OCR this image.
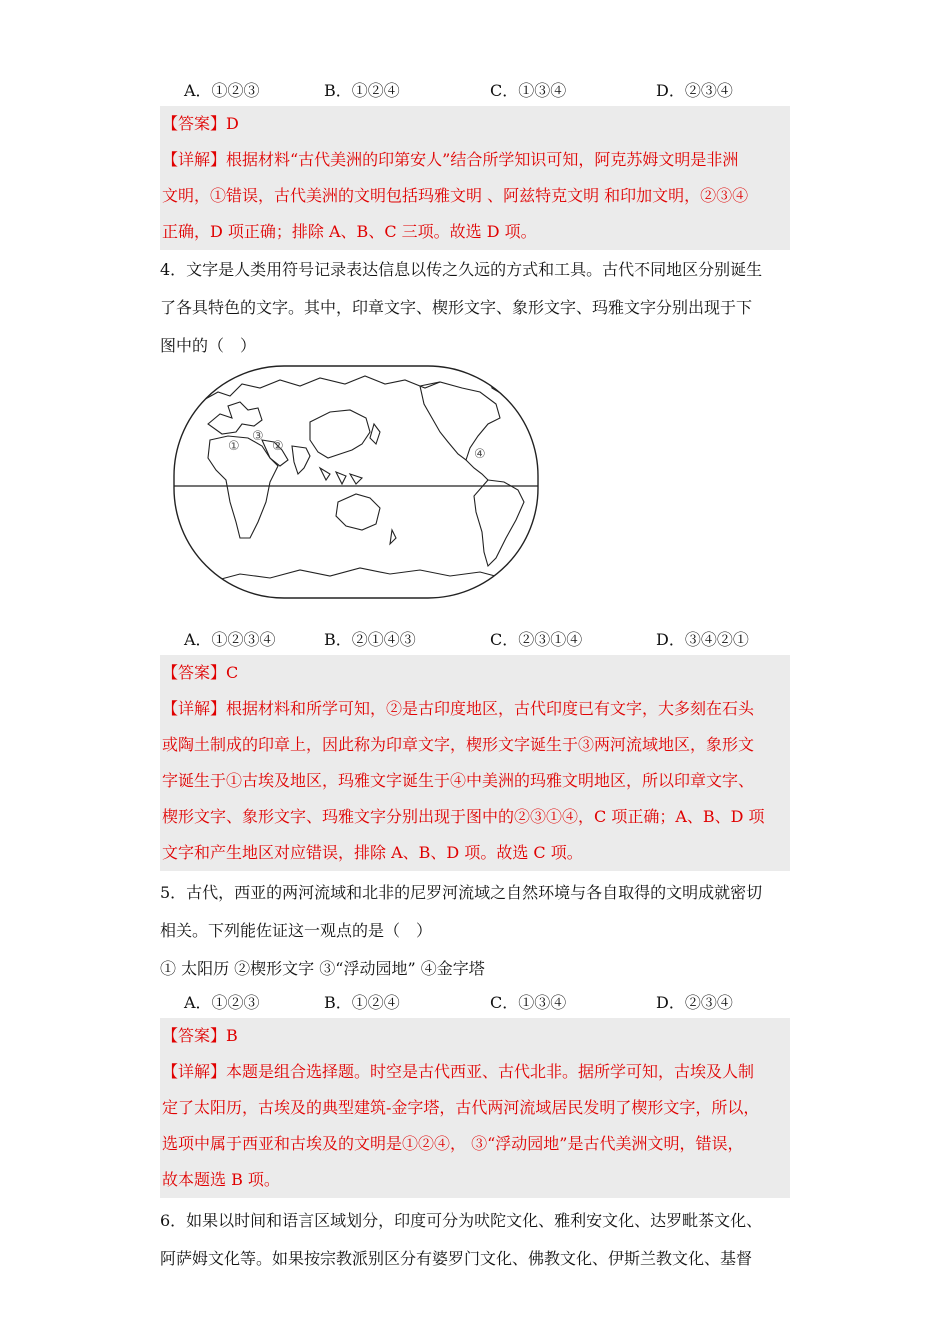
A．①②③	B．①②④	C．①③④	D．②③④

【答案】D

【详解】根据材料“古代美洲的印第安人”结合所学知识可知，阿克苏姆文明是非洲

文明，①错误，古代美洲的文明包括玛雅文明 、阿兹特克文明 和印加文明，②③④

正确，D 项正确；排除 A、B、C 三项。故选 D 项。

4．文字是人类用符号记录表达信息以传之久远的方式和工具。古代不同地区分别诞生

了各具特色的文字。其中，印章文字、楔形文字、象形文字、玛雅文字分别出现于下

图中的（　）

①
③
②
④
A．①②③④	B．②①④③	C．②③①④	D．③④②①

【答案】C

【详解】根据材料和所学可知，②是古印度地区，古代印度已有文字，大多刻在石头

或陶土制成的印章上，因此称为印章文字，楔形文字诞生于③两河流域地区，象形文

字诞生于①古埃及地区，玛雅文字诞生于④中美洲的玛雅文明地区，所以印章文字、

楔形文字、象形文字、玛雅文字分别出现于图中的②③①④，C 项正确；A、B、D 项

文字和产生地区对应错误，排除 A、B、D 项。故选 C 项。

5．古代，西亚的两河流域和北非的尼罗河流域之自然环境与各自取得的文明成就密切

相关。下列能佐证这一观点的是（　）

① 太阳历 ②楔形文字 ③“浮动园地” ④金字塔

A．①②③	B．①②④	C．①③④	D．②③④

【答案】B

【详解】本题是组合选择题。时空是古代西亚、古代北非。据所学可知，古埃及人制

定了太阳历，古埃及的典型建筑-金字塔，古代两河流域居民发明了楔形文字，所以，

选项中属于西亚和古埃及的文明是①②④， ③“浮动园地”是古代美洲文明，错误，

故本题选 B 项。

6．如果以时间和语言区域划分，印度可分为吠陀文化、雅利安文化、达罗毗茶文化、

阿萨姆文化等。如果按宗教派别区分有婆罗门文化、佛教文化、伊斯兰教文化、基督
